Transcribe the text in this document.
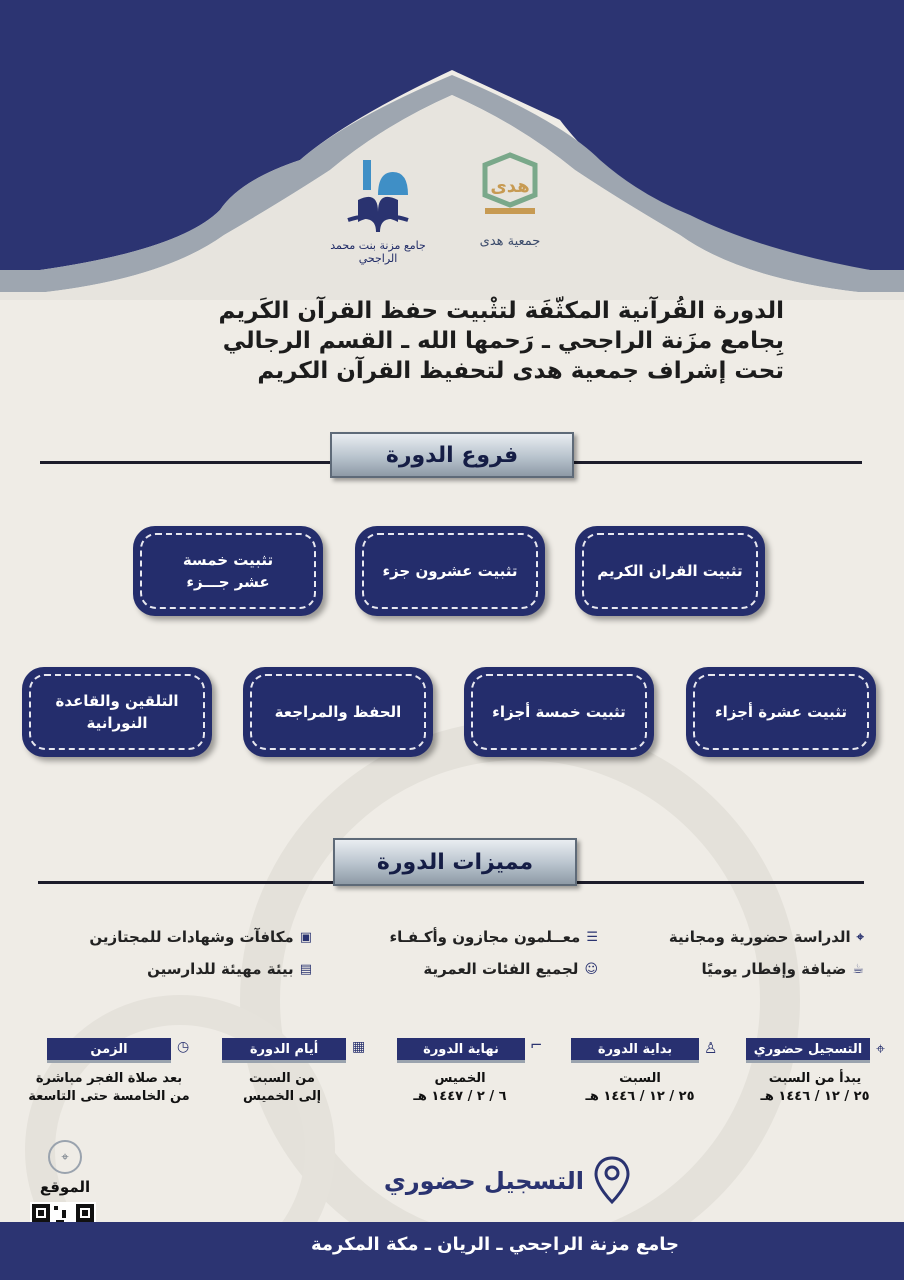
هدى
جمعية هدى
جامع مزنة بنت محمد الراجحي
الدورة القُرآنية المكثّفَة لتثْبيت حفظ القرآن الكَريم
بِجامع مزَنة الراجحي ـ رَحمها الله ـ القسم الرجالي
تحت إشراف جمعية هدى لتحفيظ القرآن الكريم
فروع الدورة
تثبيت القران الكريم
تثبيت عشرون جزء
تثبيت خمسة عشر جـــزء
تثبيت عشرة أجزاء
تثبيت خمسة أجزاء
الحفظ والمراجعة
التلقين والقاعدة النورانية
مميزات الدورة
⌖
الدراسة حضورية ومجانية
☰
معــلمون مجازون وأكـفـاء
▣
مكافآت وشهادات للمجتازين
☕
ضيافة وإفطار يوميًا
☺
لجميع الفئات العمرية
▤
بيئة مهيئة للدارسين
التسجيل حضوري ⌖
يبدأ من السبت
٢٥ / ١٢ / ١٤٤٦ هـ
بداية الدورة ♙
السبت
٢٥ / ١٢ / ١٤٤٦ هـ
نهاية الدورة ⌐
الخميس
٦ / ٢ / ١٤٤٧ هـ
أيام الدورة ▦
من السبت
إلى الخميس
الزمن	◷
بعد صلاة الفجر مباشرة
من الخامسة حتى التاسعة
التسجيل حضوري
⌖
الموقع
جامع مزنة الراجحي ـ الريان ـ مكة المكرمة
